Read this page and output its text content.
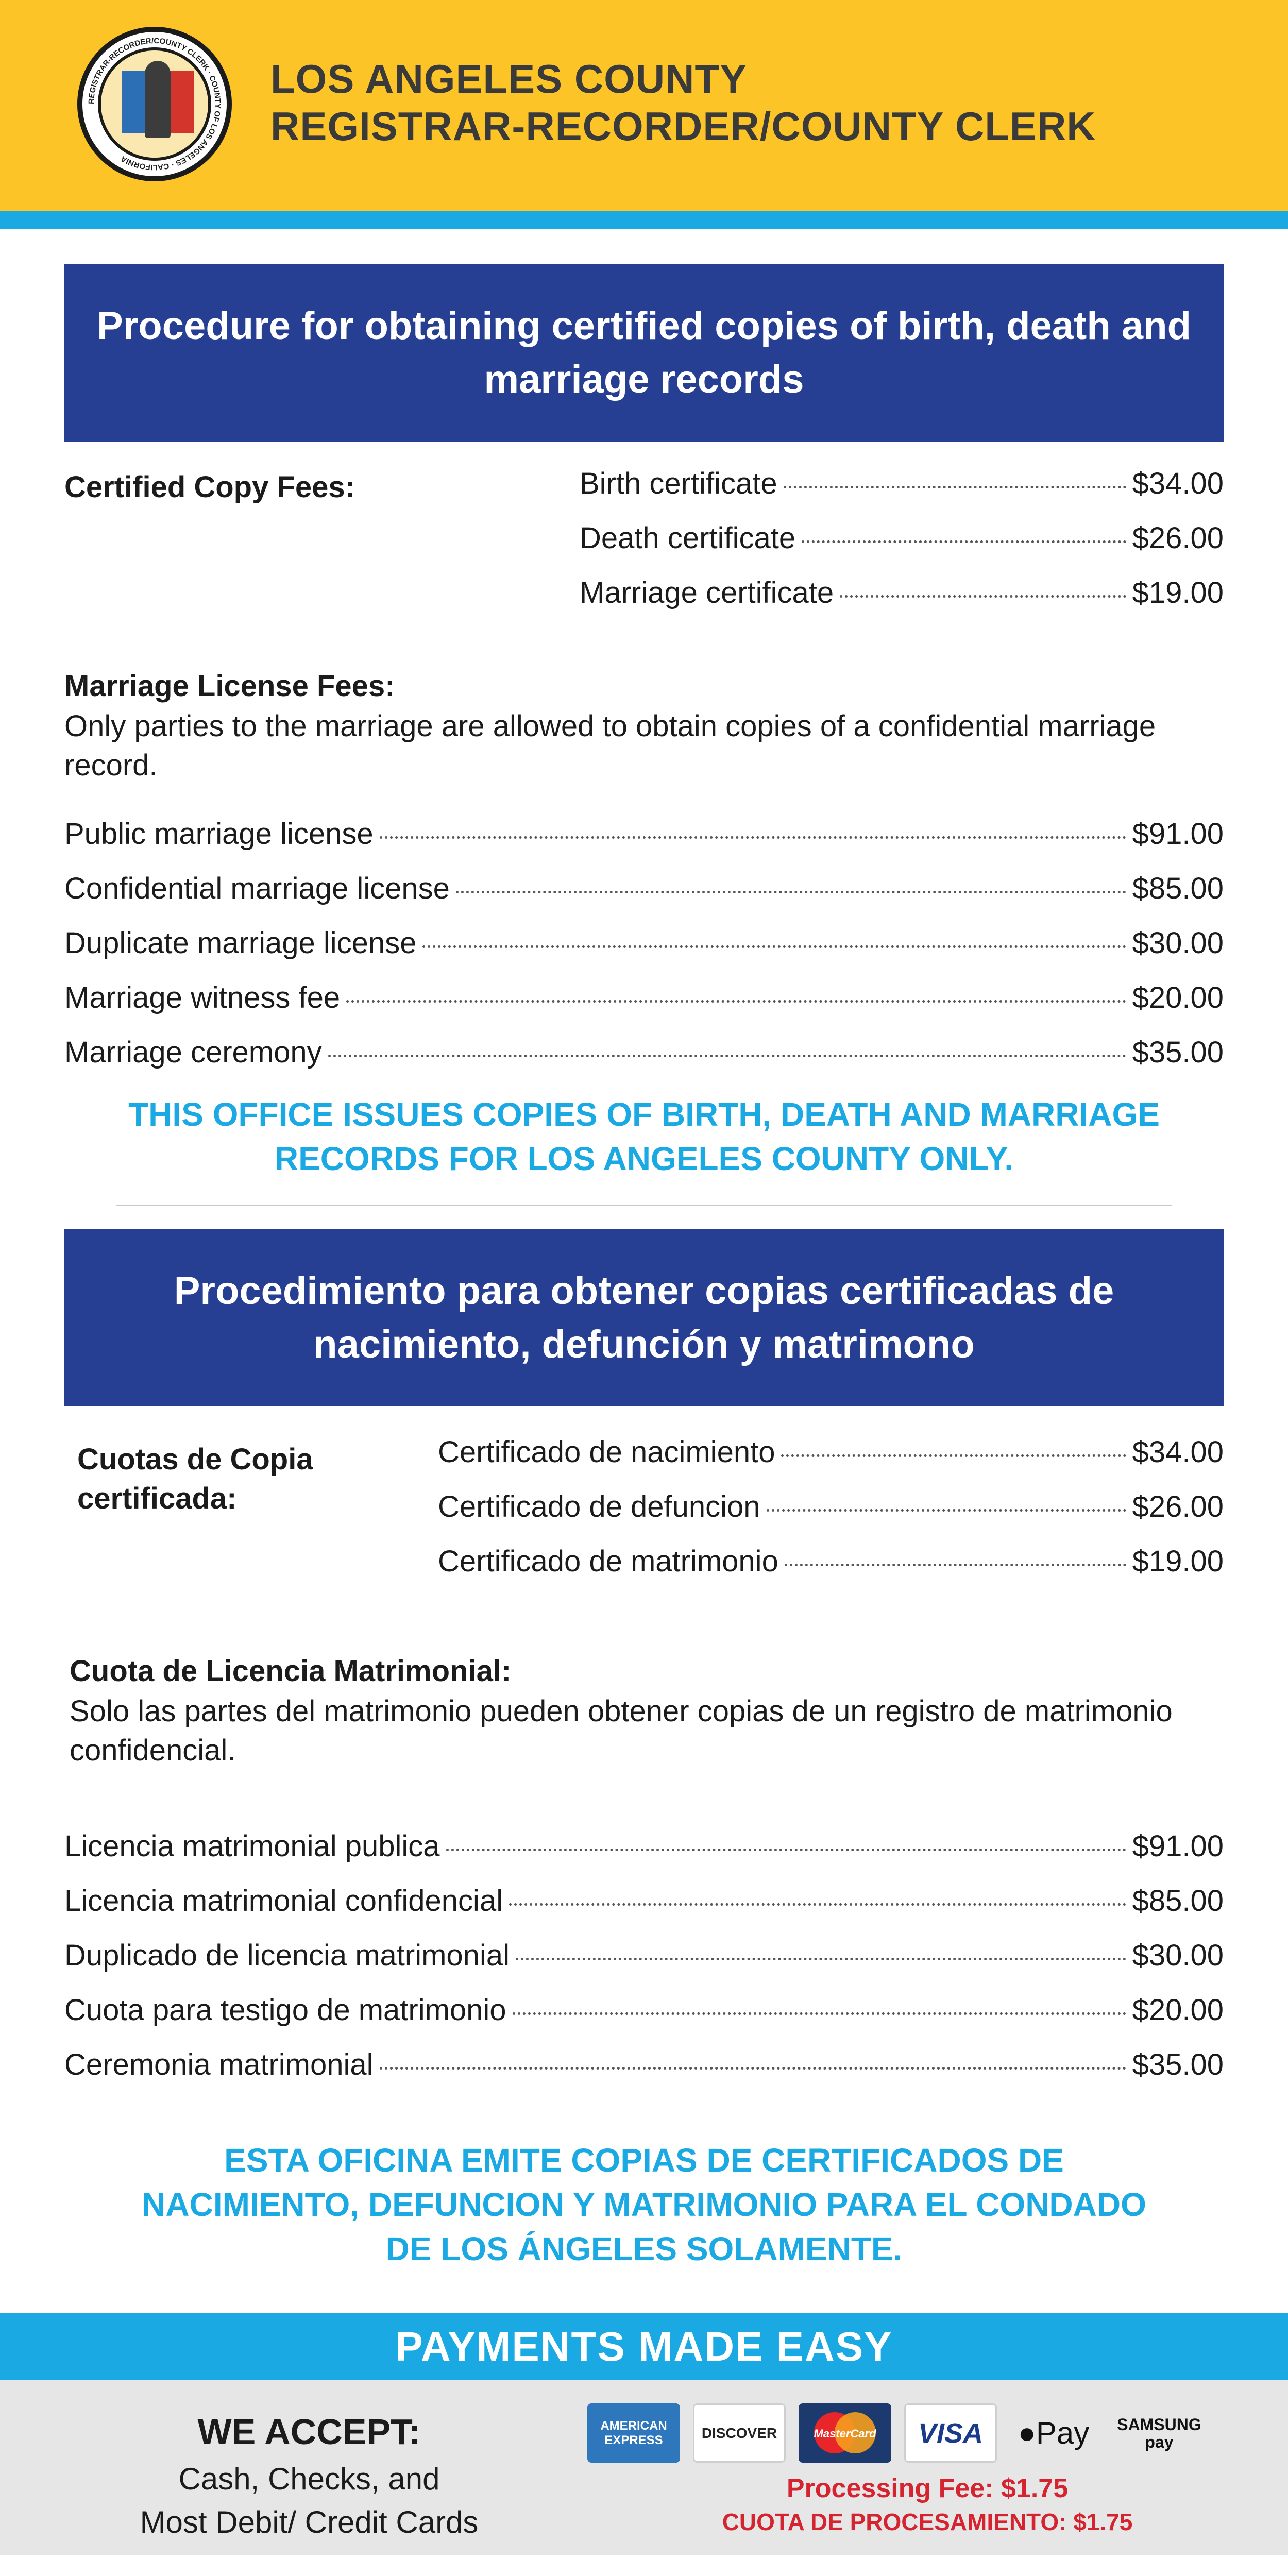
REGISTRAR-RECORDER/COUNTY CLERK · COUNTY OF LOS ANGELES · CALIFORNIA
LOS ANGELES COUNTY
REGISTRAR-RECORDER/COUNTY CLERK
Procedure for obtaining certified copies of birth, death and marriage records
Certified Copy Fees:	Birth certificate	$34.00
Death certificate	$26.00
Marriage certificate	$19.00
Marriage License Fees:
Only parties to the marriage are allowed to obtain copies of a confidential marriage record.
Public marriage license	$91.00
Confidential marriage license	$85.00
Duplicate marriage license	$30.00
Marriage witness fee	$20.00
Marriage ceremony	$35.00
THIS OFFICE ISSUES COPIES OF BIRTH, DEATH AND MARRIAGE RECORDS FOR LOS ANGELES COUNTY ONLY.
Procedimiento para obtener copias certificadas de nacimiento, defunción y matrimono
Cuotas de Copia certificada:
Certificado de nacimiento	$34.00
Certificado de defuncion	$26.00
Certificado de matrimonio	$19.00
Cuota de Licencia Matrimonial:
Solo las partes del matrimonio pueden obtener copias de un registro de matrimonio confidencial.
Licencia matrimonial publica	$91.00
Licencia matrimonial confidencial	$85.00
Duplicado de licencia matrimonial	$30.00
Cuota para testigo de matrimonio	$20.00
Ceremonia matrimonial	$35.00
ESTA OFICINA EMITE COPIAS DE CERTIFICADOS DE NACIMIENTO, DEFUNCION Y MATRIMONIO PARA EL CONDADO DE LOS ÁNGELES SOLAMENTE.
PAYMENTS MADE EASY
WE ACCEPT:
Cash, Checks, and
Most Debit/ Credit Cards
AMERICAN EXPRESS	DISCOVER	MasterCard VISA ● Pay SAMSUNG pay
Processing Fee: $1.75
CUOTA DE PROCESAMIENTO: $1.75
